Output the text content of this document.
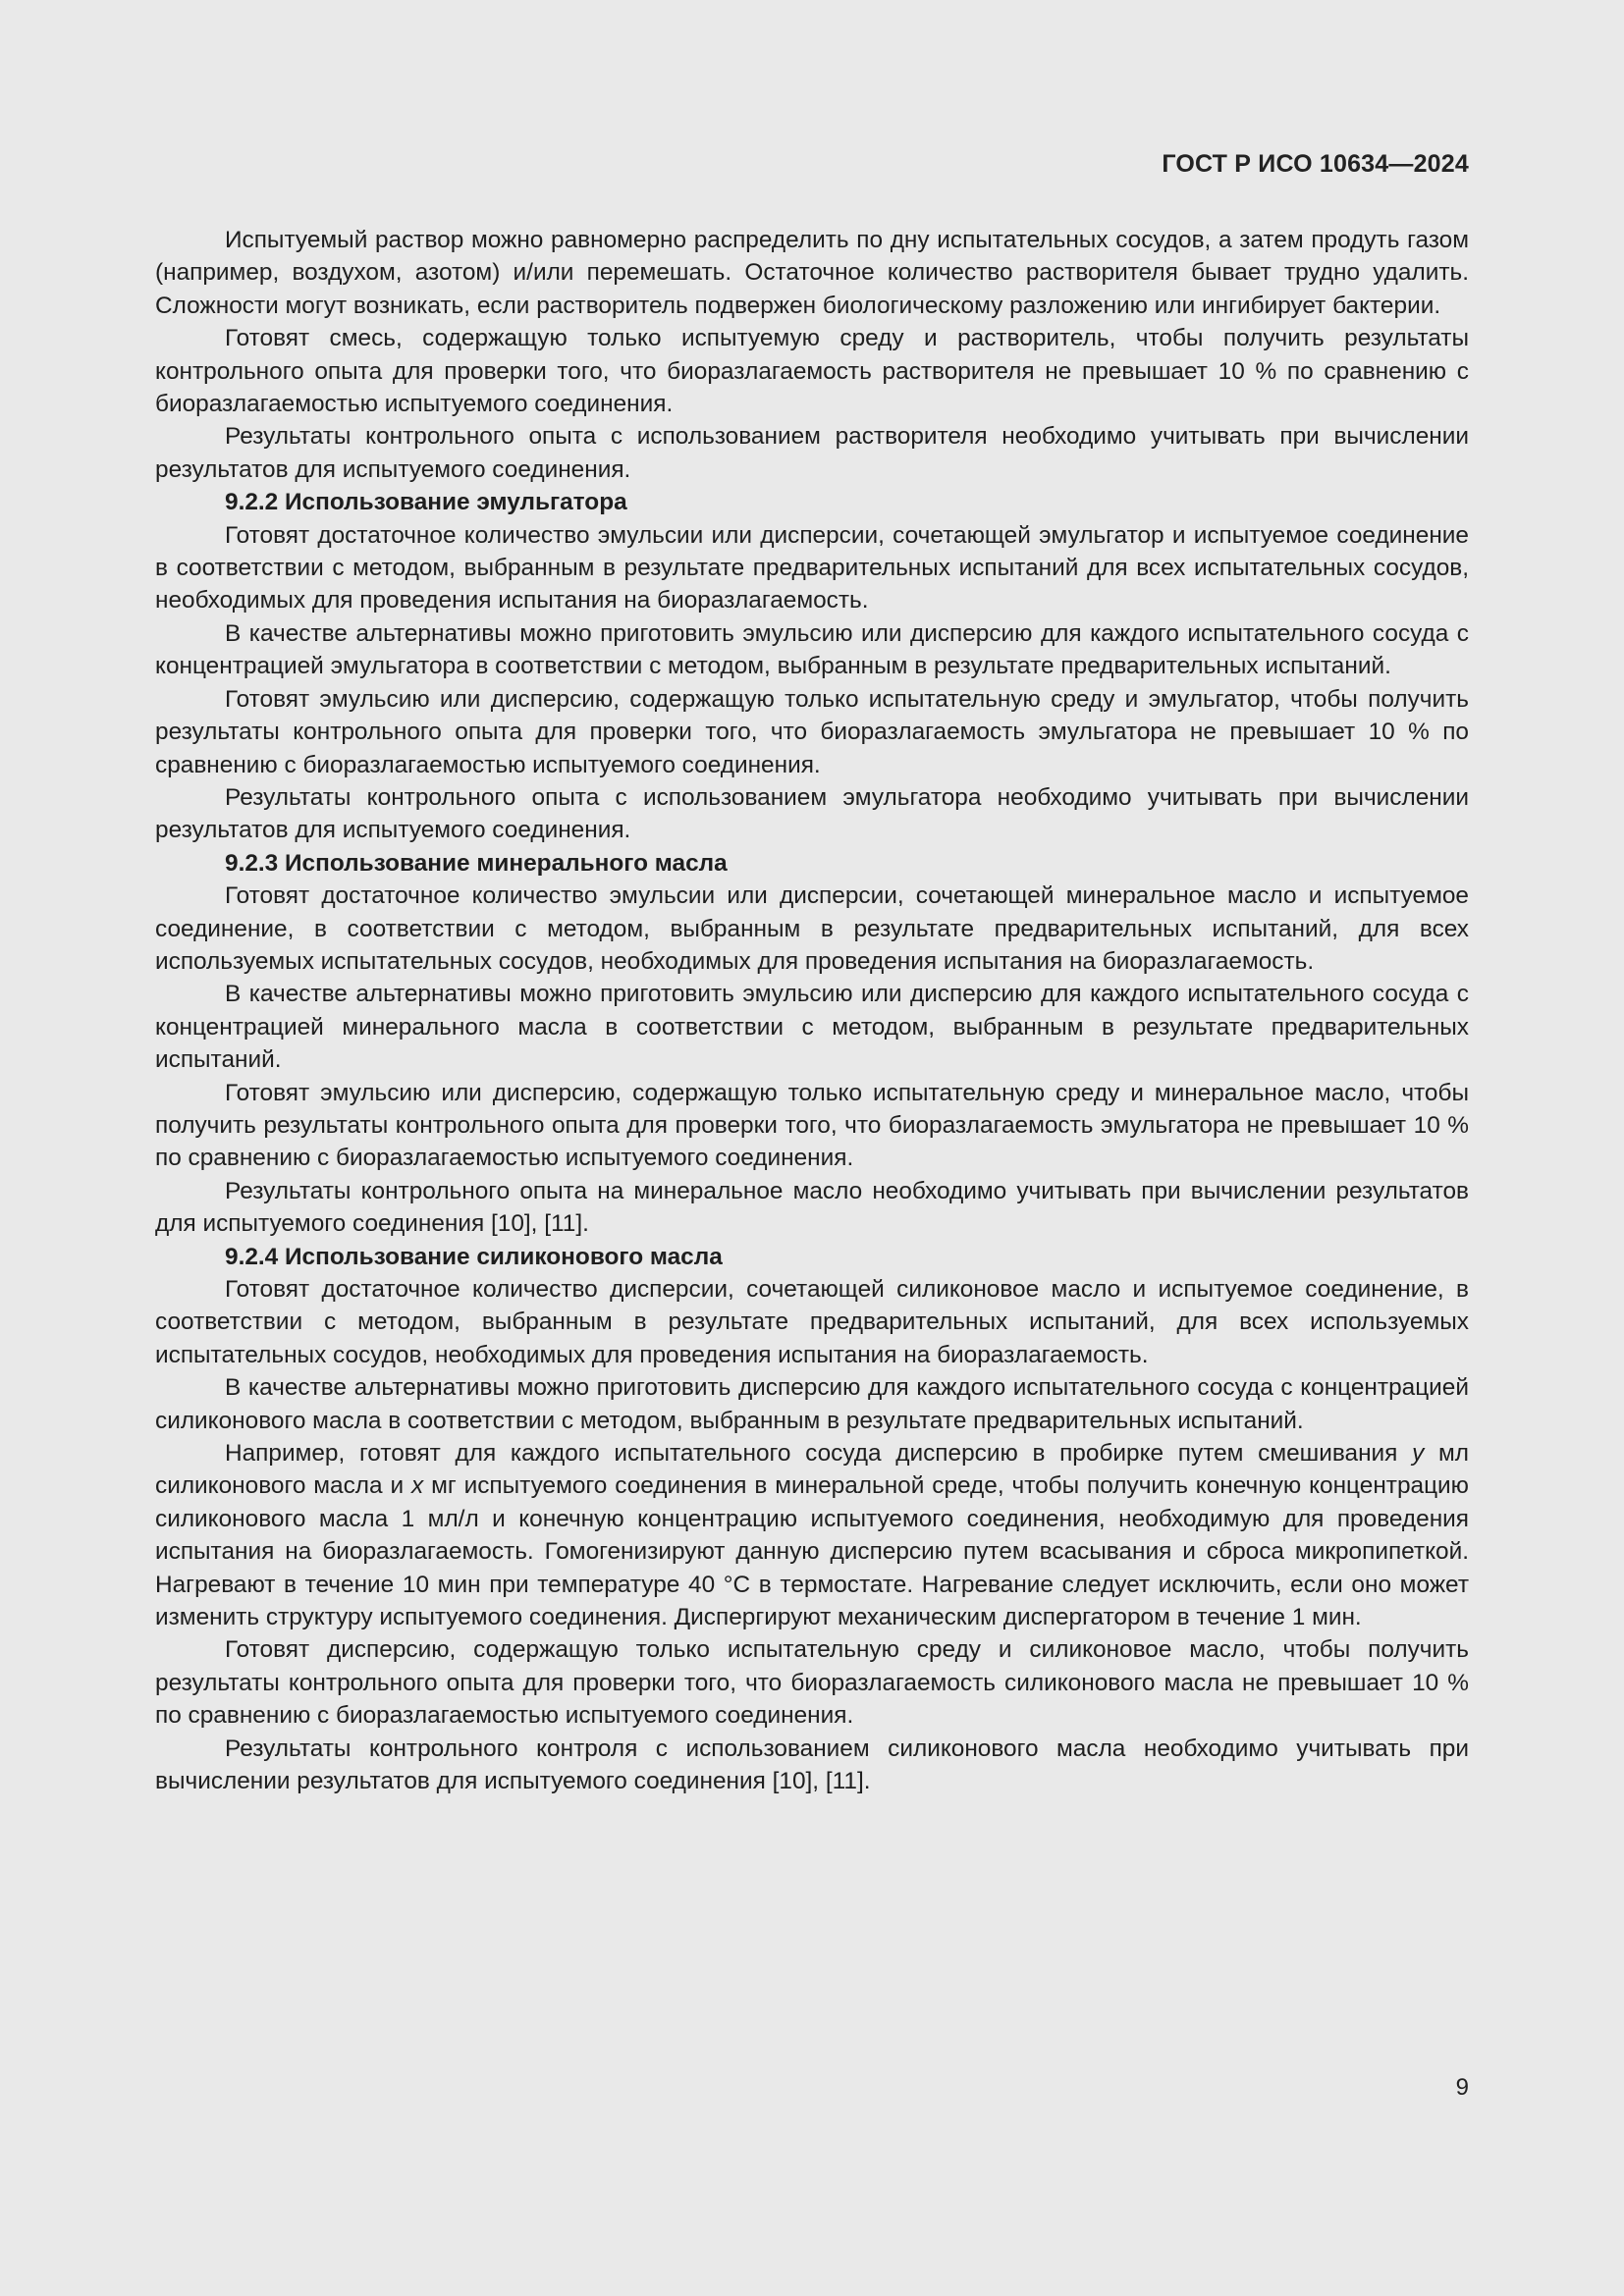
ГОСТ Р ИСО 10634—2024

Испытуемый раствор можно равномерно распределить по дну испытательных сосудов, а затем продуть газом (например, воздухом, азотом) и/или перемешать. Остаточное количество растворителя бывает трудно удалить. Сложности могут возникать, если растворитель подвержен биологическому разложению или ингибирует бактерии.

Готовят смесь, содержащую только испытуемую среду и растворитель, чтобы получить результаты контрольного опыта для проверки того, что биоразлагаемость растворителя не превышает 10 % по сравнению с биоразлагаемостью испытуемого соединения.

Результаты контрольного опыта с использованием растворителя необходимо учитывать при вычислении результатов для испытуемого соединения.

9.2.2 Использование эмульгатора

Готовят достаточное количество эмульсии или дисперсии, сочетающей эмульгатор и испытуемое соединение в соответствии с методом, выбранным в результате предварительных испытаний для всех испытательных сосудов, необходимых для проведения испытания на биоразлагаемость.

В качестве альтернативы можно приготовить эмульсию или дисперсию для каждого испытательного сосуда с концентрацией эмульгатора в соответствии с методом, выбранным в результате предварительных испытаний.

Готовят эмульсию или дисперсию, содержащую только испытательную среду и эмульгатор, чтобы получить результаты контрольного опыта для проверки того, что биоразлагаемость эмульгатора не превышает 10 % по сравнению с биоразлагаемостью испытуемого соединения.

Результаты контрольного опыта с использованием эмульгатора необходимо учитывать при вычислении результатов для испытуемого соединения.

9.2.3 Использование минерального масла

Готовят достаточное количество эмульсии или дисперсии, сочетающей минеральное масло и испытуемое соединение, в соответствии с методом, выбранным в результате предварительных испытаний, для всех используемых испытательных сосудов, необходимых для проведения испытания на биоразлагаемость.

В качестве альтернативы можно приготовить эмульсию или дисперсию для каждого испытательного сосуда с концентрацией минерального масла в соответствии с методом, выбранным в результате предварительных испытаний.

Готовят эмульсию или дисперсию, содержащую только испытательную среду и минеральное масло, чтобы получить результаты контрольного опыта для проверки того, что биоразлагаемость эмульгатора не превышает 10 % по сравнению с биоразлагаемостью испытуемого соединения.

Результаты контрольного опыта на минеральное масло необходимо учитывать при вычислении результатов для испытуемого соединения [10], [11].

9.2.4 Использование силиконового масла

Готовят достаточное количество дисперсии, сочетающей силиконовое масло и испытуемое соединение, в соответствии с методом, выбранным в результате предварительных испытаний, для всех используемых испытательных сосудов, необходимых для проведения испытания на биоразлагаемость.

В качестве альтернативы можно приготовить дисперсию для каждого испытательного сосуда с концентрацией силиконового масла в соответствии с методом, выбранным в результате предварительных испытаний.

Например, готовят для каждого испытательного сосуда дисперсию в пробирке путем смешивания y мл силиконового масла и x мг испытуемого соединения в минеральной среде, чтобы получить конечную концентрацию силиконового масла 1 мл/л и конечную концентрацию испытуемого соединения, необходимую для проведения испытания на биоразлагаемость. Гомогенизируют данную дисперсию путем всасывания и сброса микропипеткой. Нагревают в течение 10 мин при температуре 40 °С в термостате. Нагревание следует исключить, если оно может изменить структуру испытуемого соединения. Диспергируют механическим диспергатором в течение 1 мин.

Готовят дисперсию, содержащую только испытательную среду и силиконовое масло, чтобы получить результаты контрольного опыта для проверки того, что биоразлагаемость силиконового масла не превышает 10 % по сравнению с биоразлагаемостью испытуемого соединения.

Результаты контрольного контроля с использованием силиконового масла необходимо учитывать при вычислении результатов для испытуемого соединения [10], [11].

9
